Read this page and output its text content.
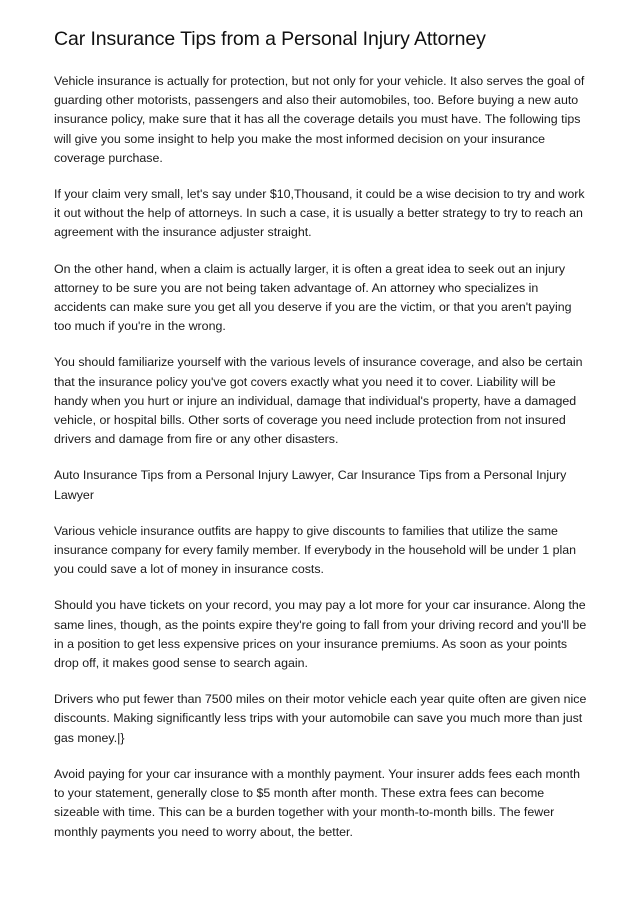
Car Insurance Tips from a Personal Injury Attorney

Vehicle insurance is actually for protection, but not only for your vehicle. It also serves the goal of guarding other motorists, passengers and also their automobiles, too. Before buying a new auto insurance policy, make sure that it has all the coverage details you must have. The following tips will give you some insight to help you make the most informed decision on your insurance coverage purchase.

If your claim very small, let's say under $10,Thousand, it could be a wise decision to try and work it out without the help of attorneys. In such a case, it is usually a better strategy to try to reach an agreement with the insurance adjuster straight.

On the other hand, when a claim is actually larger, it is often a great idea to seek out an injury attorney to be sure you are not being taken advantage of. An attorney who specializes in accidents can make sure you get all you deserve if you are the victim, or that you aren't paying too much if you're in the wrong.

You should familiarize yourself with the various levels of insurance coverage, and also be certain that the insurance policy you've got covers exactly what you need it to cover. Liability will be handy when you hurt or injure an individual, damage that individual's property, have a damaged vehicle, or hospital bills. Other sorts of coverage you need include protection from not insured drivers and damage from fire or any other disasters.

Auto Insurance Tips from a Personal Injury Lawyer, Car Insurance Tips from a Personal Injury Lawyer

Various vehicle insurance outfits are happy to give discounts to families that utilize the same insurance company for every family member. If everybody in the household will be under 1 plan you could save a lot of money in insurance costs.

Should you have tickets on your record, you may pay a lot more for your car insurance. Along the same lines, though, as the points expire they're going to fall from your driving record and you'll be in a position to get less expensive prices on your insurance premiums. As soon as your points drop off, it makes good sense to search again.

Drivers who put fewer than 7500 miles on their motor vehicle each year quite often are given nice discounts. Making significantly less trips with your automobile can save you much more than just gas money.|}

Avoid paying for your car insurance with a monthly payment. Your insurer adds fees each month to your statement, generally close to $5 month after month. These extra fees can become sizeable with time. This can be a burden together with your month-to-month bills. The fewer monthly payments you need to worry about, the better.
